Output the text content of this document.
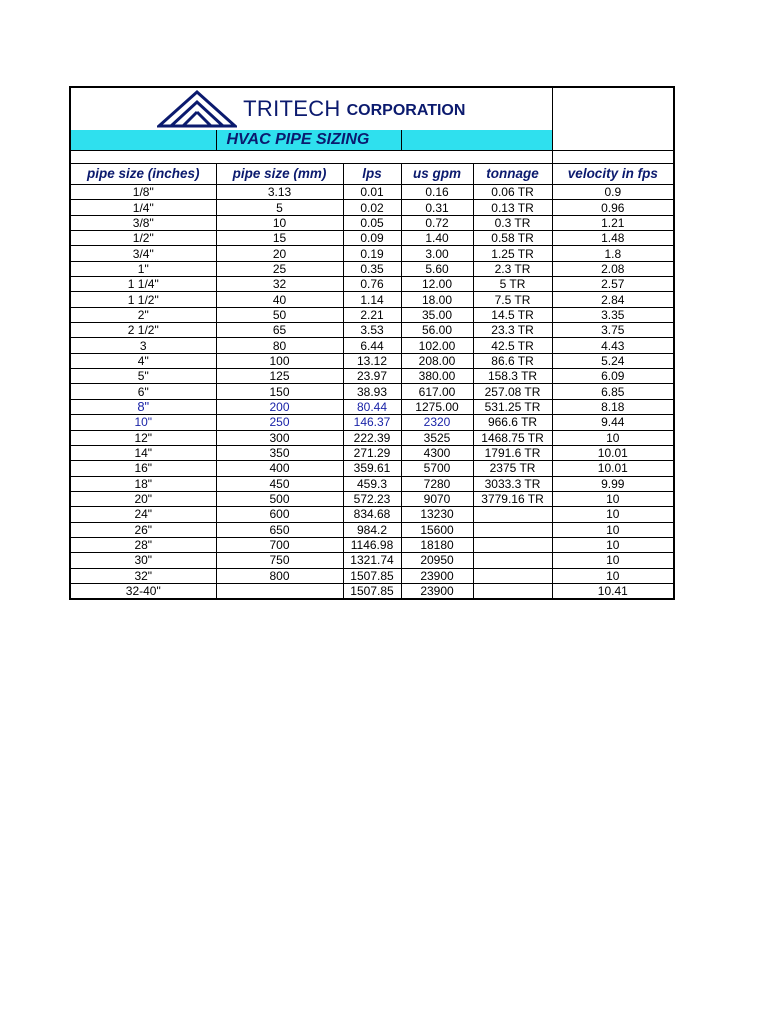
TRITECH CORPORATION					

	HVAC PIPE SIZING				

pipe size (inches)	pipe size (mm)	lps	us gpm	tonnage	velocity in fps
1/8"	3.13	0.01	0.16	0.06 TR	0.9
1/4"	5	0.02	0.31	0.13 TR	0.96
3/8"	10	0.05	0.72	0.3 TR	1.21
1/2"	15	0.09	1.40	0.58 TR	1.48
3/4"	20	0.19	3.00	1.25 TR	1.8
1"	25	0.35	5.60	2.3 TR	2.08
1 1/4"	32	0.76	12.00	5 TR	2.57
1 1/2"	40	1.14	18.00	7.5 TR	2.84
2"	50	2.21	35.00	14.5 TR	3.35
2 1/2"	65	3.53	56.00	23.3 TR	3.75
3	80	6.44	102.00	42.5 TR	4.43
4"	100	13.12	208.00	86.6 TR	5.24
5"	125	23.97	380.00	158.3 TR	6.09
6"	150	38.93	617.00	257.08 TR	6.85
8"	200	80.44	1275.00	531.25 TR	8.18
10"	250	146.37	2320	966.6 TR	9.44
12"	300	222.39	3525	1468.75 TR	10
14"	350	271.29	4300	1791.6 TR	10.01
16"	400	359.61	5700	2375 TR	10.01
18"	450	459.3	7280	3033.3 TR	9.99
20"	500	572.23	9070	3779.16 TR	10
24"	600	834.68	13230		10
26"	650	984.2	15600		10
28"	700	1146.98	18180		10
30"	750	1321.74	20950		10
32"	800	1507.85	23900		10
32-40"		1507.85	23900		10.41
